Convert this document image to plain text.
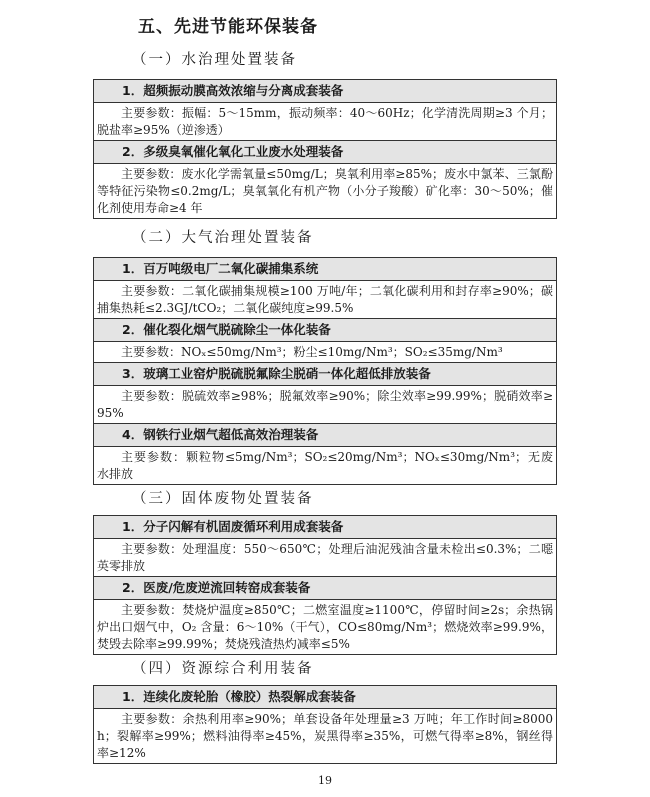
五、先进节能环保装备
（一）水治理处置装备
1．超频振动膜高效浓缩与分离成套装备
主要参数：振幅：5～15mm，振动频率：40～60Hz；化学清洗周期≥3 个月；脱盐率≥95%（逆渗透）
2．多级臭氧催化氧化工业废水处理装备
主要参数：废水化学需氧量≤50mg/L；臭氧利用率≥85%；废水中氯苯、三氯酚等特征污染物≤0.2mg/L；臭氧氧化有机产物（小分子羧酸）矿化率：30～50%；催化剂使用寿命≥4 年
（二）大气治理处置装备
1．百万吨级电厂二氧化碳捕集系统
主要参数：二氧化碳捕集规模≥100 万吨/年；二氧化碳利用和封存率≥90%；碳捕集热耗≤2.3GJ/tCO₂；二氧化碳纯度≥99.5%
2．催化裂化烟气脱硫除尘一体化装备
主要参数：NOₓ≤50mg/Nm³；粉尘≤10mg/Nm³；SO₂≤35mg/Nm³
3．玻璃工业窑炉脱硫脱氟除尘脱硝一体化超低排放装备
主要参数：脱硫效率≥98%；脱氟效率≥90%；除尘效率≥99.99%；脱硝效率≥95%
4．钢铁行业烟气超低高效治理装备
主要参数：颗粒物≤5mg/Nm³；SO₂≤20mg/Nm³；NOₓ≤30mg/Nm³；无废水排放
（三）固体废物处置装备
1．分子闪解有机固废循环利用成套装备
主要参数：处理温度：550～650℃；处理后油泥残油含量未检出≤0.3%；二噁英零排放
2．医废/危废逆流回转窑成套装备
主要参数：焚烧炉温度≥850℃；二燃室温度≥1100℃，停留时间≥2s；余热锅炉出口烟气中，O₂ 含量：6～10%（干气），CO≤80mg/Nm³；燃烧效率≥99.9%，焚毁去除率≥99.99%；焚烧残渣热灼减率≤5%
（四）资源综合利用装备
1．连续化废轮胎（橡胶）热裂解成套装备
主要参数：余热利用率≥90%；单套设备年处理量≥3 万吨；年工作时间≥8000h；裂解率≥99%；燃料油得率≥45%，炭黑得率≥35%，可燃气得率≥8%，钢丝得率≥12%
19
